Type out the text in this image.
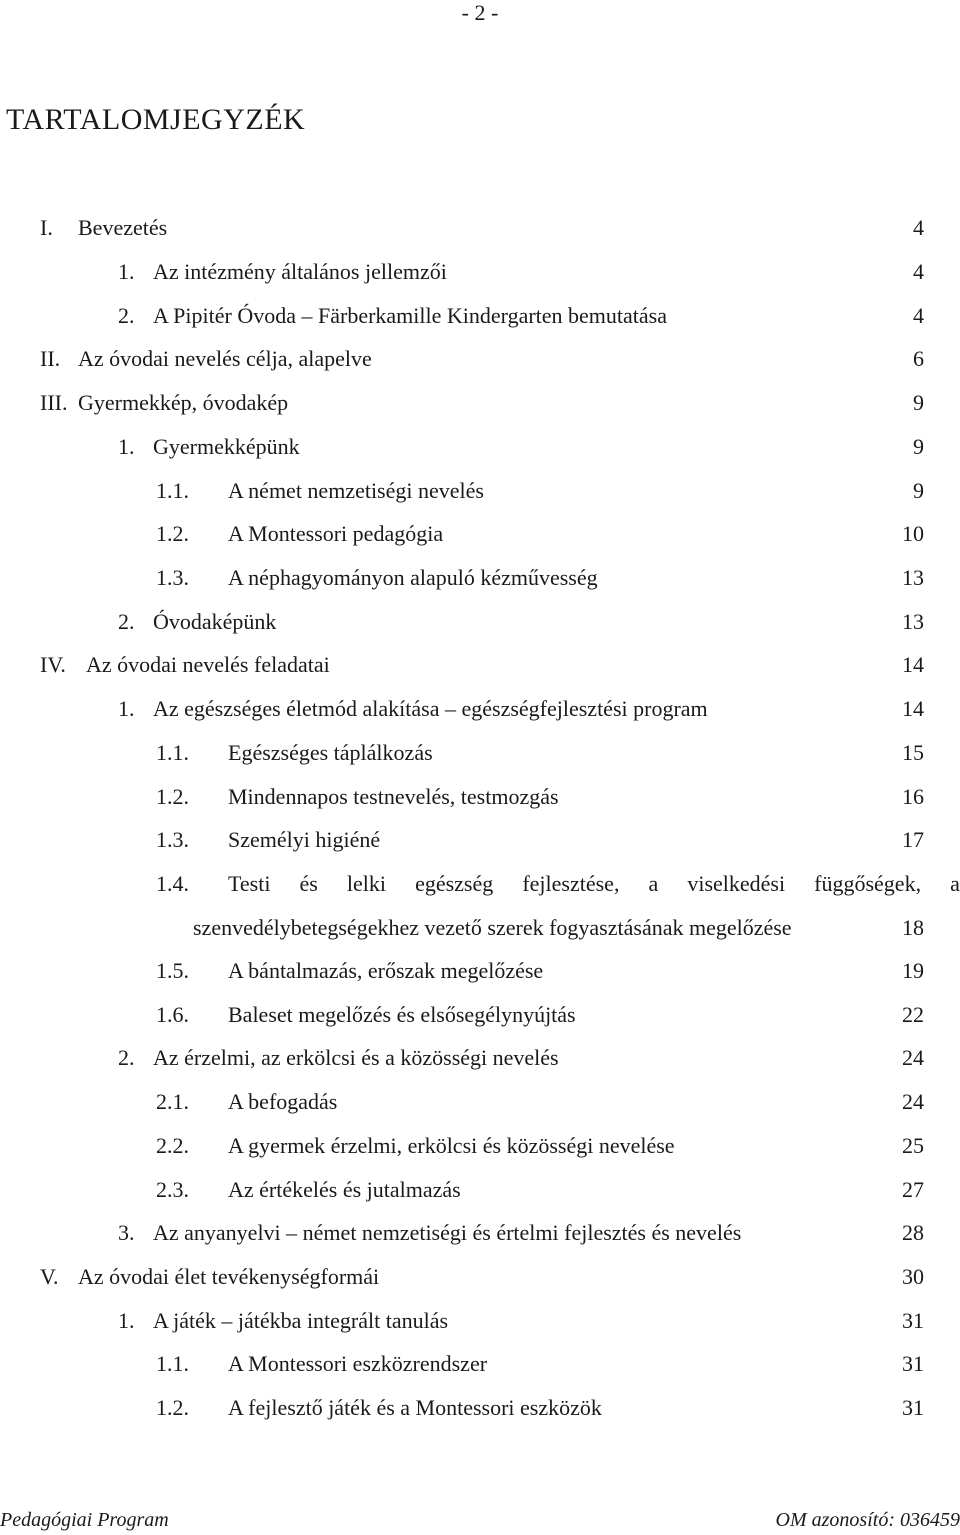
- 2 -
TARTALOMJEGYZÉK
I. Bevezetés	4
1. Az intézmény általános jellemzői	4
2. A Pipitér Óvoda – Färberkamille Kindergarten bemutatása	4
II. Az óvodai nevelés célja, alapelve	6
III. Gyermekkép, óvodakép	9
1. Gyermekképünk	9
1.1. A német nemzetiségi nevelés	9
1.2. A Montessori pedagógia	10
1.3. A néphagyományon alapuló kézművesség	13
2. Óvodaképünk	13
IV. Az óvodai nevelés feladatai	14
1. Az egészséges életmód alakítása – egészségfejlesztési program	14
1.1. Egészséges táplálkozás	15
1.2. Mindennapos testnevelés, testmozgás	16
1.3. Személyi higiéné	17
1.4. Testi és lelki egészség fejlesztése, a viselkedési függőségek, a
szenvedélybetegségekhez vezető szerek fogyasztásának megelőzése	18
1.5. A bántalmazás, erőszak megelőzése	19
1.6. Baleset megelőzés és elsősegélynyújtás	22
2. Az érzelmi, az erkölcsi és a közösségi nevelés	24
2.1. A befogadás	24
2.2. A gyermek érzelmi, erkölcsi és közösségi nevelése	25
2.3. Az értékelés és jutalmazás	27
3. Az anyanyelvi – német nemzetiségi és értelmi fejlesztés és nevelés	28
V. Az óvodai élet tevékenységformái	30
1. A játék – játékba integrált tanulás	31
1.1. A Montessori eszközrendszer	31
1.2. A fejlesztő játék és a Montessori eszközök	31
Pedagógiai Program	OM azonosító: 036459
